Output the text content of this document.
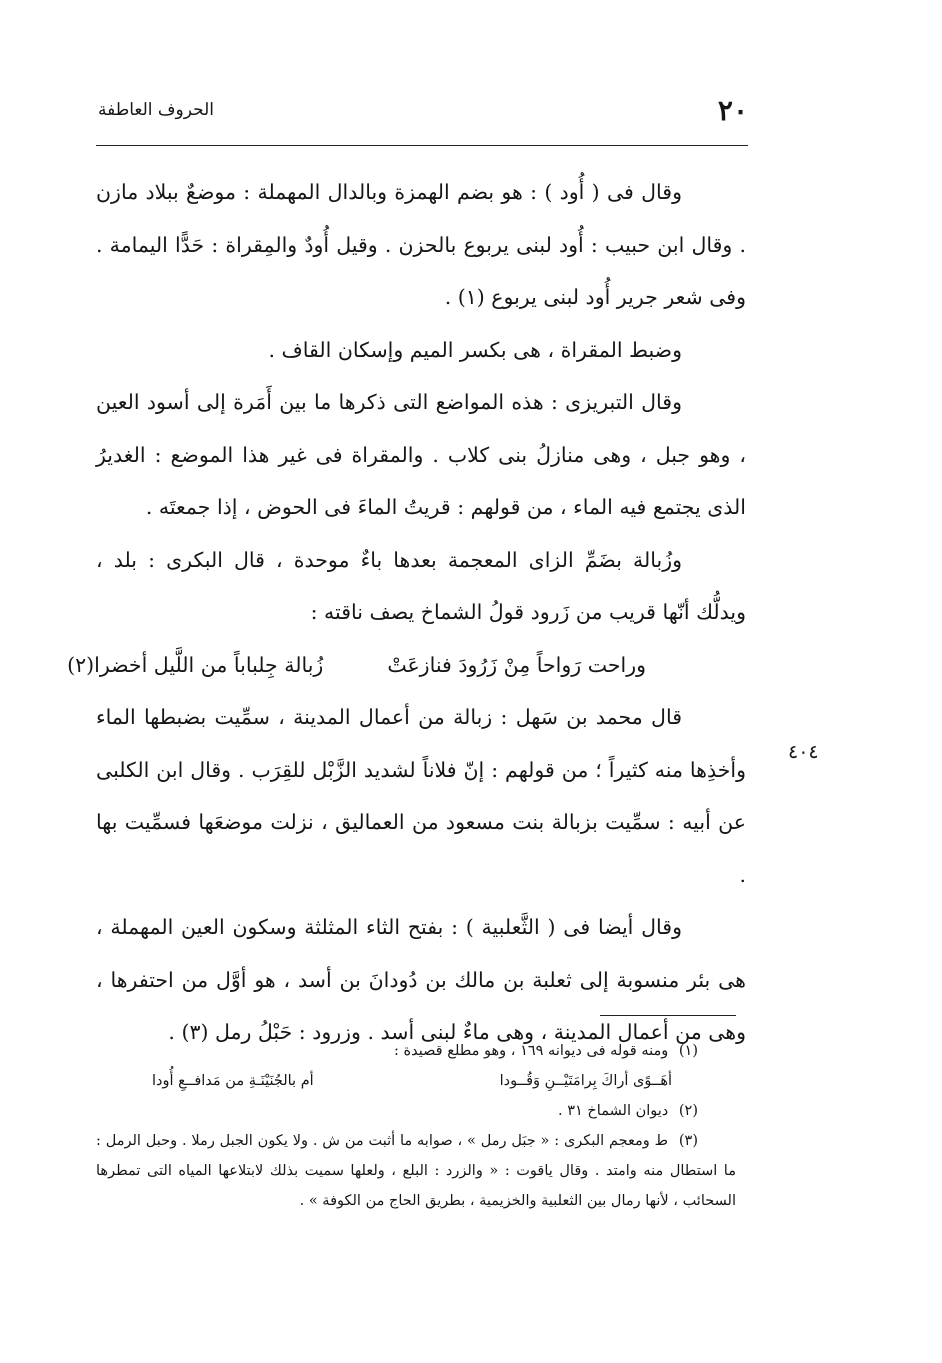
٢٠
الحروف العاطفة

وقال فى ( أُود ) : هو بضم الهمزة وبالدال المهملة : موضعٌ ببلاد مازن . وقال ابن حبيب : أُود لبنى يربوع بالحزن . وقيل أُودٌ والمِقراة : حَدًّا اليمامة . وفى شعر جرير أُود لبنى يربوع (١) .

وضبط المقراة ، هى بكسر الميم وإسكان القاف .

وقال التبريزى : هذه المواضع التى ذكرها ما بين أَمَرة إلى أسود العين ، وهو جبل ، وهى منازلُ بنى كلاب . والمقراة فى غير هذا الموضع : الغديرُ الذى يجتمع فيه الماء ، من قولهم : قريتُ الماءَ فى الحوض ، إذا جمعتَه .

وزُبالة بضَمِّ الزاى المعجمة بعدها باءٌ موحدة ، قال البكرى : بلد ، ويدلُّك أنّها قريب من زَرود قولُ الشماخ يصف ناقته :

وراحت رَواحاً مِنْ زَرُودَ فنازعَتْ
زُبالة جِلباباً من اللَّيل أخضرا(٢)

قال محمد بن سَهل : زبالة من أعمال المدينة ، سمِّيت بضبطها الماء وأخذِها منه كثيراً ؛ من قولهم : إنّ فلاناً لشديد الزَّبْل للقِرَب . وقال ابن الكلبى عن أبيه : سمِّيت بزبالة بنت مسعود من العماليق ، نزلت موضعَها فسمِّيت بها .

وقال أيضا فى ( الثَّعلبية ) : بفتح الثاء المثلثة وسكون العين المهملة ، هى بئر منسوبة إلى ثعلبة بن مالك بن دُودانَ بن أسد ، هو أوَّل من احتفرها ، وهى من أعمال المدينة ، وهى ماءٌ لبنى أسد . وزرود : حَبْلُ رمل (٣) .

٤٠٤

(١) ومنه قوله فى ديوانه ١٦٩ ، وهو مطلع قصيدة :

أهَــوًى أراكَ بِرامَتَيْــنِ وَقُــودا
أم بالجُنَيْنَـةِ من مَدافــعِ أُودا

(٢) ديوان الشماخ ٣١ .

(٣) ط ومعجم البكرى : « جبَل رمل » ، صوابه ما أثبت من ش . ولا يكون الجبل رملا . وحبل الرمل : ما استطال منه وامتد . وقال ياقوت : « والزرد : البلع ، ولعلها سميت بذلك لابتلاعها المياه التى تمطرها السحائب ، لأنها رمال بين الثعلبية والخزيمية ، بطريق الحاج من الكوفة » .
